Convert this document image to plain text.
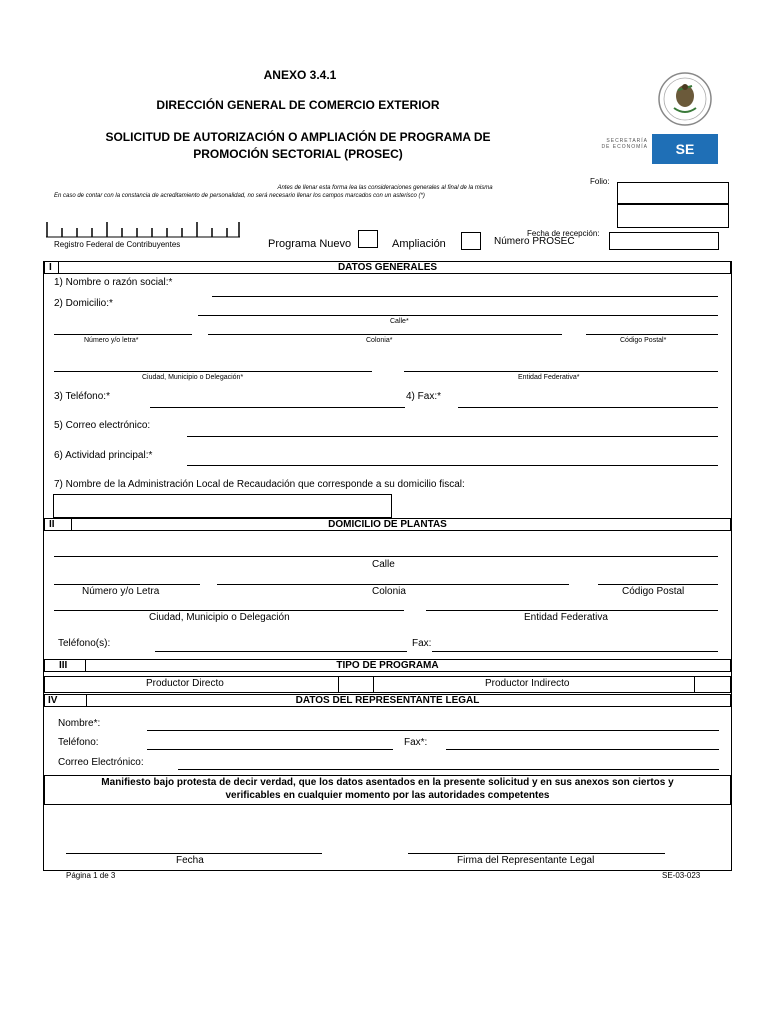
ANEXO 3.4.1
DIRECCIÓN GENERAL DE COMERCIO EXTERIOR
SOLICITUD DE AUTORIZACIÓN O AMPLIACIÓN DE PROGRAMA DE
PROMOCIÓN SECTORIAL (PROSEC)
SECRETARÍA
DE ECONOMÍA	SE
Antes de llenar esta forma lea las consideraciones generales al final de la misma
En caso de contar con la constancia de acreditamiento de personalidad, no será necesario llenar los campos marcados con un asterisco (*)
Folio:
Fecha de recepción:
Registro Federal de Contribuyentes	Programa Nuevo	Ampliación	Número PROSEC
I	DATOS GENERALES
1) Nombre o razón social:*
2) Domicilio:*
Calle*
Número y/o letra*	Colonia*	Código Postal*
Ciudad, Municipio o Delegación*	Entidad Federativa*
3) Teléfono:*	4) Fax:*
5) Correo electrónico:
6) Actividad principal:*
7) Nombre de la Administración Local de Recaudación que corresponde a su domicilio fiscal:
II	DOMICILIO DE PLANTAS
Calle
Número y/o Letra	Colonia	Código Postal
Ciudad, Municipio o Delegación	Entidad Federativa
Teléfono(s):	Fax:
III	TIPO DE PROGRAMA
Productor Directo	Productor Indirecto
IV	DATOS DEL REPRESENTANTE LEGAL
Nombre*:
Teléfono:	Fax*:
Correo Electrónico:
Manifiesto bajo protesta de decir verdad, que los datos asentados en la presente solicitud y en sus anexos son ciertos y
verificables en cualquier momento por las autoridades competentes
Fecha	Firma del Representante Legal
Página 1 de 3	SE-03-023
